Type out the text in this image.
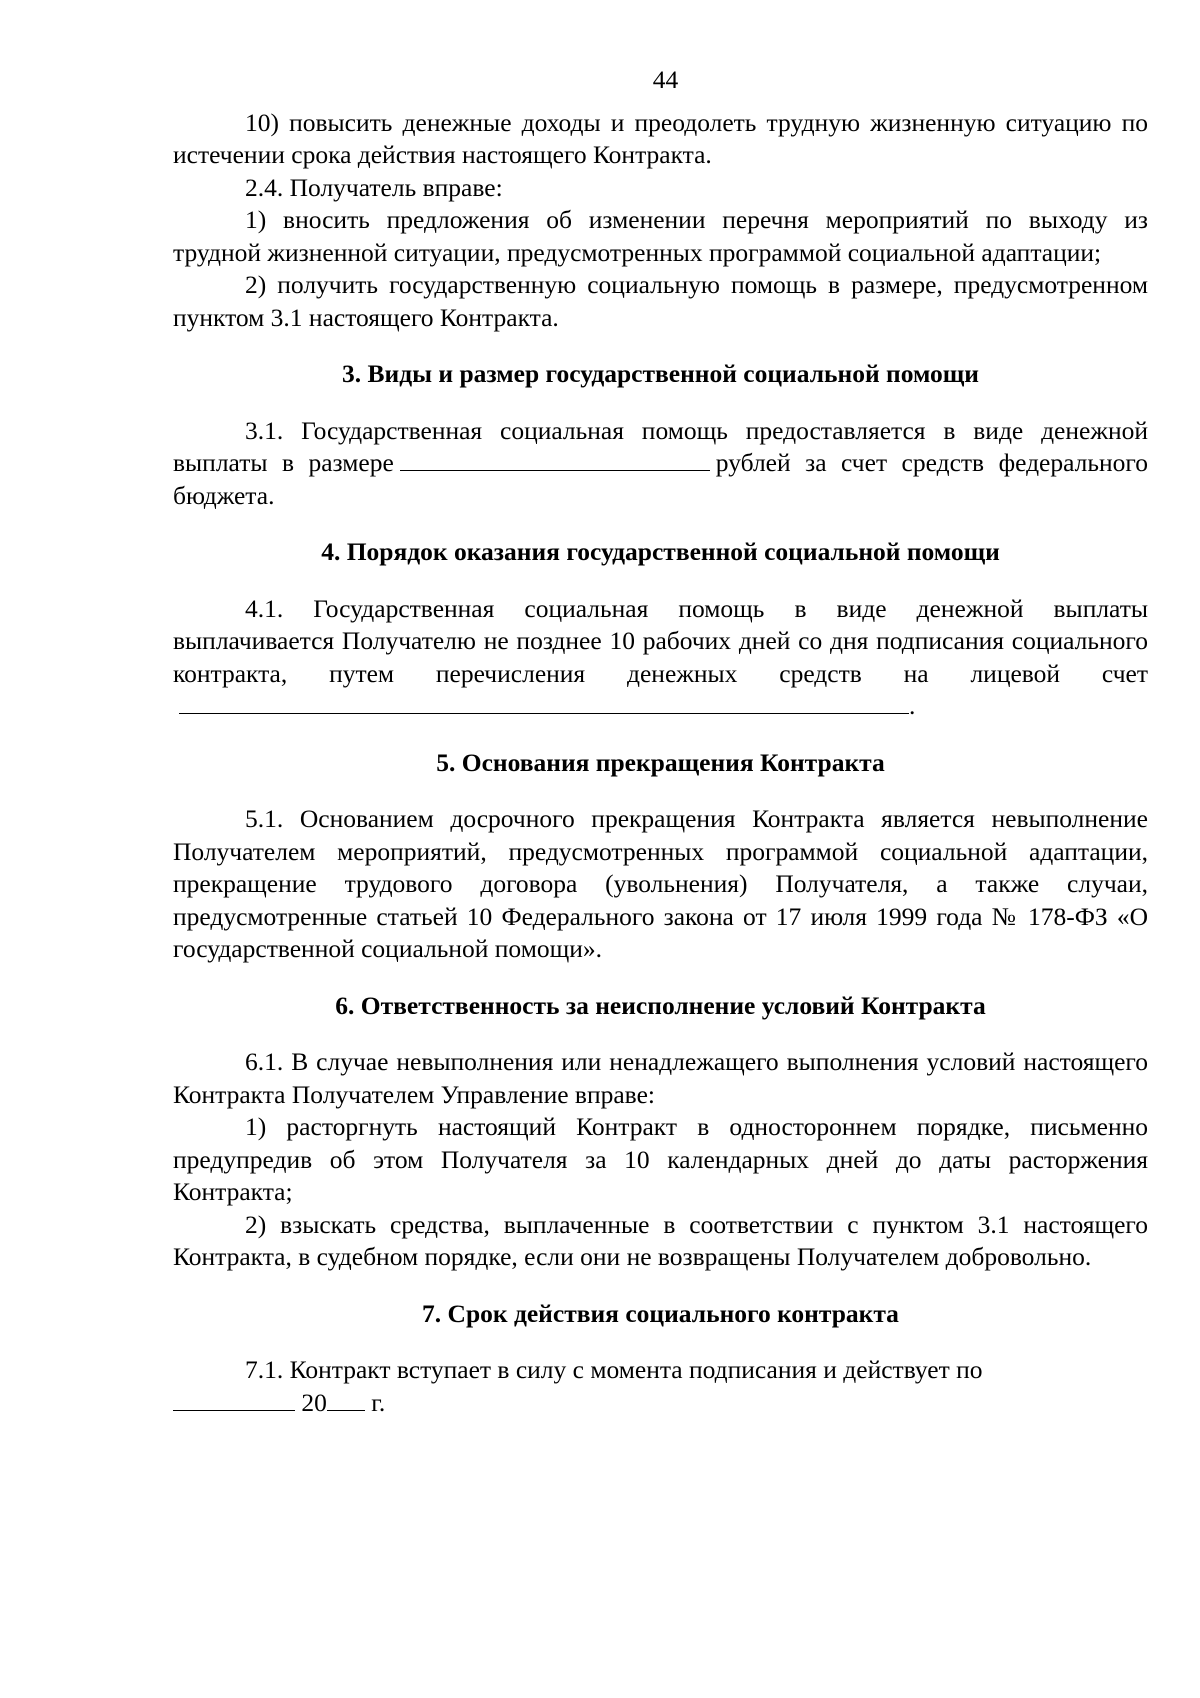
44

10) повысить денежные доходы и преодолеть трудную жизненную ситуацию по истечении срока действия настоящего Контракта.

2.4. Получатель вправе:

1) вносить предложения об изменении перечня мероприятий по выходу из трудной жизненной ситуации, предусмотренных программой социальной адаптации;

2) получить государственную социальную помощь в размере, предусмотренном пунктом 3.1 настоящего Контракта.

3. Виды и размер государственной социальной помощи

3.1. Государственная социальная помощь предоставляется в виде денежной выплаты в размере	рублей за счет средств федерального бюджета.

4. Порядок оказания государственной социальной помощи

4.1. Государственная социальная помощь в виде денежной выплаты выплачивается Получателю не позднее 10 рабочих дней со дня подписания социального контракта, путем перечисления денежных средств на лицевой счет.

5. Основания прекращения Контракта

5.1. Основанием досрочного прекращения Контракта является невыполнение Получателем мероприятий, предусмотренных программой социальной адаптации, прекращение трудового договора (увольнения) Получателя, а также случаи, предусмотренные статьей 10 Федерального закона от 17 июля 1999 года № 178-ФЗ «О государственной социальной помощи».

6. Ответственность за неисполнение условий Контракта

6.1. В случае невыполнения или ненадлежащего выполнения условий настоящего Контракта Получателем Управление вправе:

1) расторгнуть настоящий Контракт в одностороннем порядке, письменно предупредив об этом Получателя за 10 календарных дней до даты расторжения Контракта;

2) взыскать средства, выплаченные в соответствии с пунктом 3.1 настоящего Контракта, в судебном порядке, если они не возвращены Получателем добровольно.

7. Срок действия социального контракта

7.1. Контракт вступает в силу с момента подписания и действует по

20 г.
